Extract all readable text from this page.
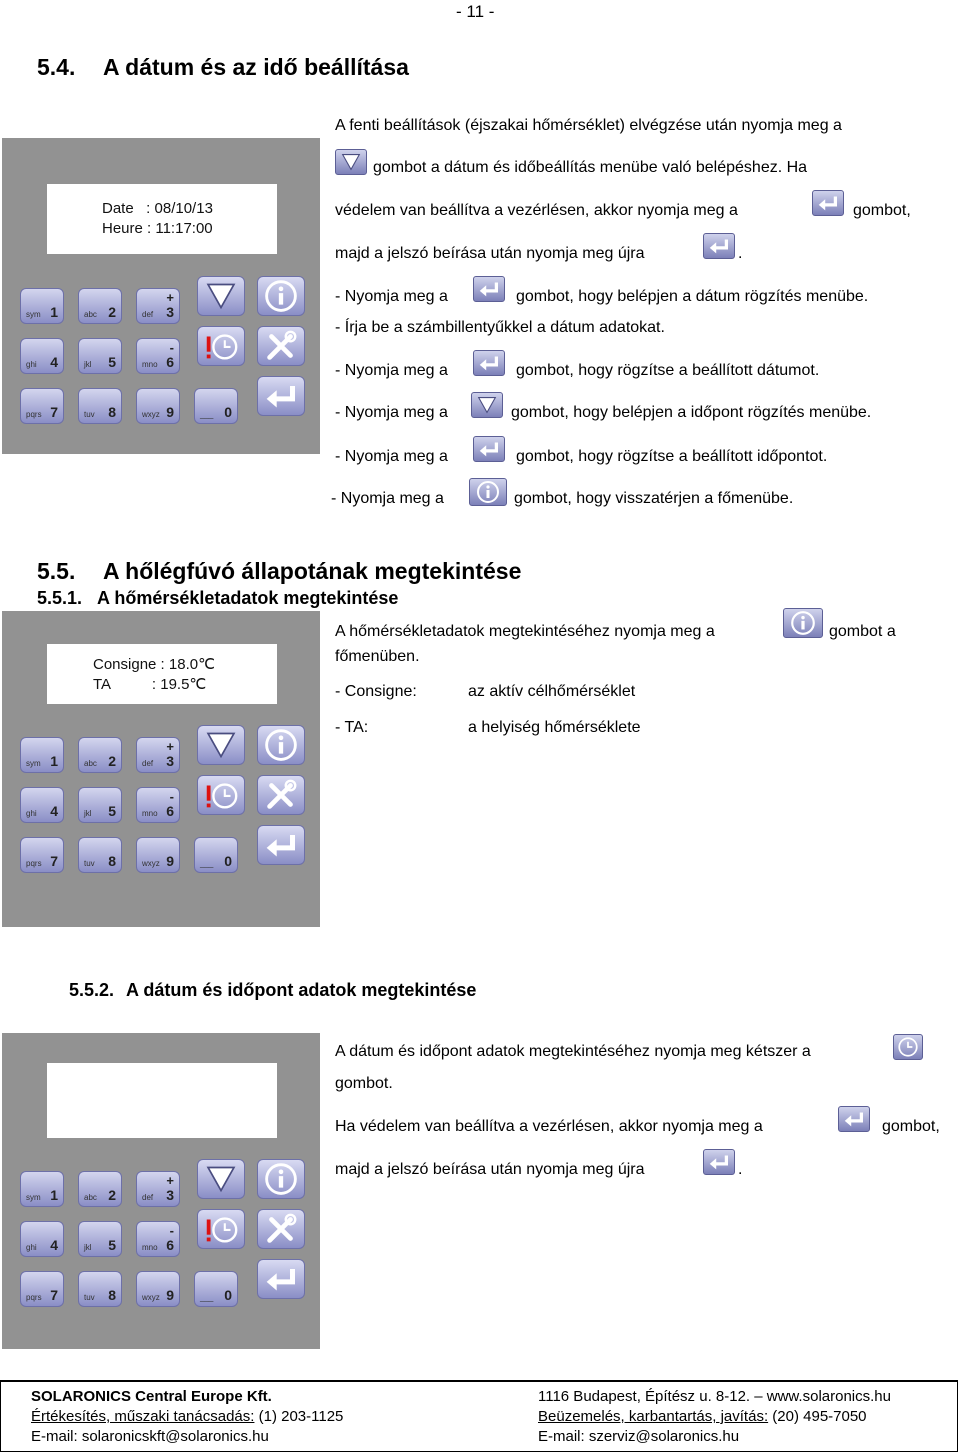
- 11 -
5.4. A dátum és az idő beállítása
Date   : 08/10/13
Heure : 11:17:00
sym 1	abc 2	def 3
+
ghi 4	jkl 5	mno 6
-
pqrs 7	tuv 8	wxyz 9	___ 0
A fenti beállítások (éjszakai hőmérséklet) elvégzése után nyomja meg a
gombot a dátum és időbeállítás menübe való belépéshez. Ha
védelem van beállítva a vezérlésen, akkor nyomja meg a	gombot,
majd a jelszó beírása után nyomja meg újra	.
- Nyomja meg a	gombot, hogy belépjen a dátum rögzítés menübe.
- Írja be a számbillentyűkkel a dátum adatokat.
- Nyomja meg a	gombot, hogy rögzítse a beállított dátumot.
- Nyomja meg a	gombot, hogy belépjen a időpont rögzítés menübe.
- Nyomja meg a	gombot, hogy rögzítse a beállított időpontot.
- Nyomja meg a	gombot, hogy visszatérjen a főmenübe.
5.5. A hőlégfúvó állapotának megtekintése
5.5.1. A hőmérsékletadatok megtekintése
Consigne : 18.0℃
TA          : 19.5℃
sym 1	abc 2	def 3
+
ghi 4	jkl 5	mno 6
-
pqrs 7	tuv 8	wxyz 9	___ 0
A hőmérsékletadatok megtekintéséhez nyomja meg a	gombot a
főmenüben.
- Consigne:	az aktív célhőmérséklet
- TA:	a helyiség hőmérséklete
5.5.2. A dátum és időpont adatok megtekintése
sym 1	abc 2	def 3
+
ghi 4	jkl 5	mno 6
-
pqrs 7	tuv 8	wxyz 9	___ 0
A dátum és időpont adatok megtekintéséhez nyomja meg kétszer a
gombot.
Ha védelem van beállítva a vezérlésen, akkor nyomja meg a	gombot,
majd a jelszó beírása után nyomja meg újra	.
SOLARONICS Central Europe Kft.
Értékesítés, műszaki tanácsadás: (1) 203-1125
E-mail: solaronicskft@solaronics.hu
1116 Budapest, Építész u. 8-12. – www.solaronics.hu
Beüzemelés, karbantartás, javítás: (20) 495-7050
E-mail: szerviz@solaronics.hu
